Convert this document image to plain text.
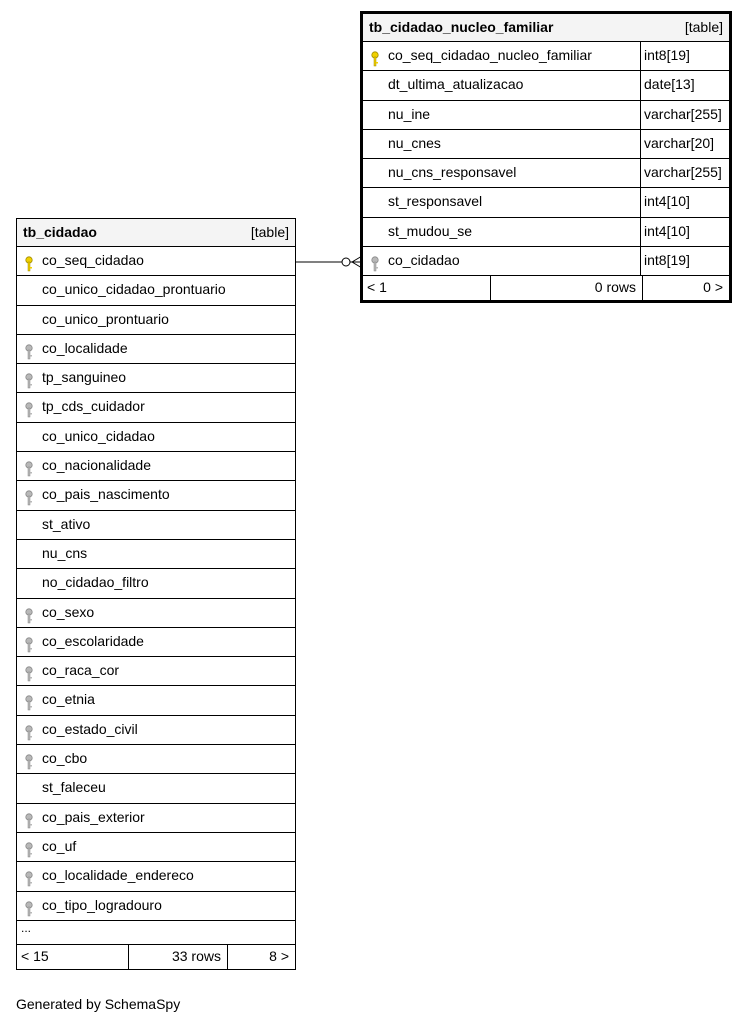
tb_cidadao_nucleo_familiar	[table]
co_seq_cidadao_nucleo_familiar	int8[19]
dt_ultima_atualizacao	date[13]
nu_ine	varchar[255]
nu_cnes	varchar[20]
nu_cns_responsavel	varchar[255]
st_responsavel	int4[10]
st_mudou_se	int4[10]
co_cidadao	int8[19]
< 1	0 rows	0 >
tb_cidadao	[table]
co_seq_cidadao
co_unico_cidadao_prontuario
co_unico_prontuario
co_localidade
tp_sanguineo
tp_cds_cuidador
co_unico_cidadao
co_nacionalidade
co_pais_nascimento
st_ativo
nu_cns
no_cidadao_filtro
co_sexo
co_escolaridade
co_raca_cor
co_etnia
co_estado_civil
co_cbo
st_faleceu
co_pais_exterior
co_uf
co_localidade_endereco
co_tipo_logradouro
...
< 15	33 rows	8 >
Generated by SchemaSpy
